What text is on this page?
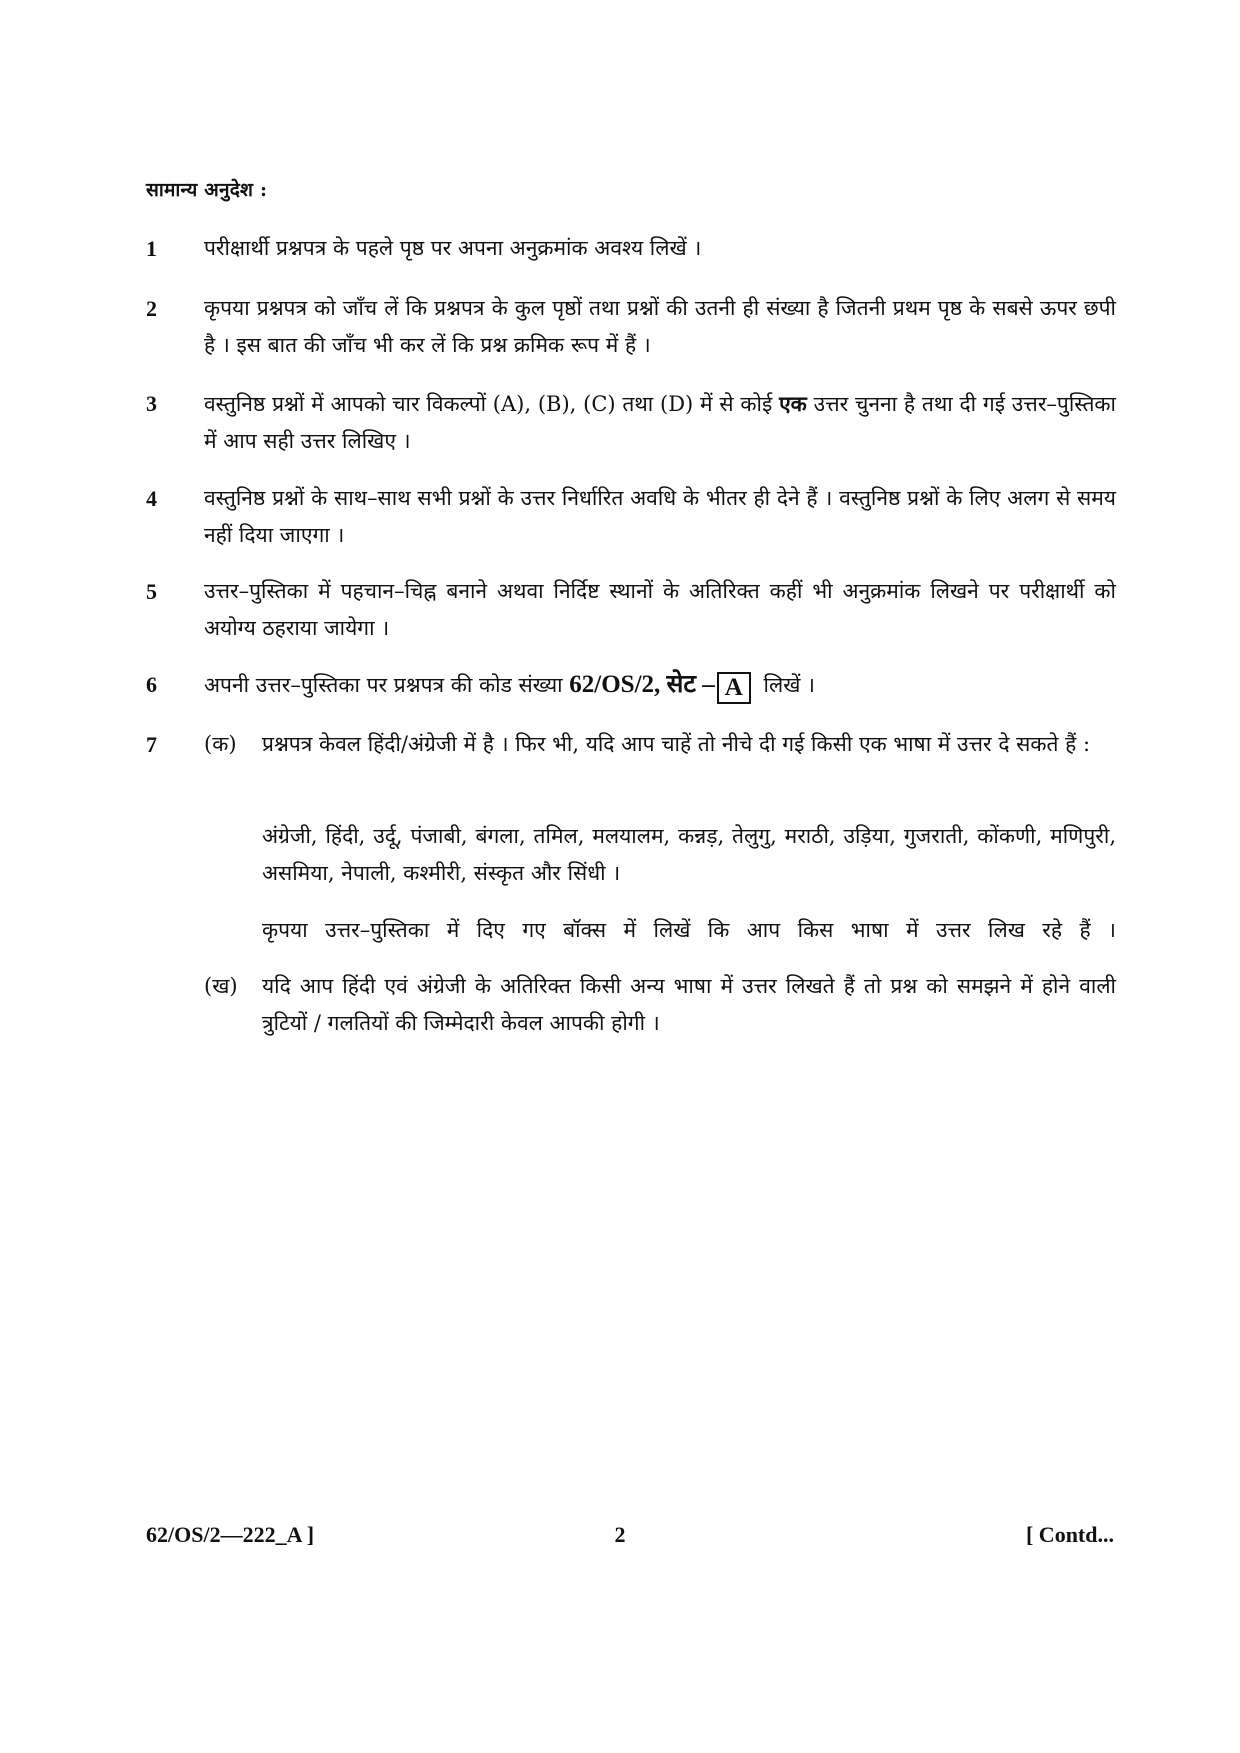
सामान्य अनुदेश :
1	परीक्षार्थी प्रश्नपत्र के पहले पृष्ठ पर अपना अनुक्रमांक अवश्य लिखें ।
2	कृपया प्रश्नपत्र को जाँच लें कि प्रश्नपत्र के कुल पृष्ठों तथा प्रश्नों की उतनी ही संख्या है जितनी प्रथम पृष्ठ के सबसे ऊपर छपी है । इस बात की जाँच भी कर लें कि प्रश्न क्रमिक रूप में हैं ।
3	वस्तुनिष्ठ प्रश्नों में आपको चार विकल्पों (A), (B), (C) तथा (D) में से कोई एक उत्तर चुनना है तथा दी गई उत्तर–पुस्तिका में आप सही उत्तर लिखिए ।
4	वस्तुनिष्ठ प्रश्नों के साथ–साथ सभी प्रश्नों के उत्तर निर्धारित अवधि के भीतर ही देने हैं । वस्तुनिष्ठ प्रश्नों के लिए अलग से समय नहीं दिया जाएगा ।
5	उत्तर–पुस्तिका में पहचान–चिह्न बनाने अथवा निर्दिष्ट स्थानों के अतिरिक्त कहीं भी अनुक्रमांक लिखने पर परीक्षार्थी को अयोग्य ठहराया जायेगा ।
6	अपनी उत्तर–पुस्तिका पर प्रश्नपत्र की कोड संख्या 62/OS/2, सेट – A लिखें ।
7	(क)	प्रश्नपत्र केवल हिंदी/अंग्रेजी में है । फिर भी, यदि आप चाहें तो नीचे दी गई किसी एक भाषा में उत्तर दे सकते हैं :
अंग्रेजी, हिंदी, उर्दू, पंजाबी, बंगला, तमिल, मलयालम, कन्नड़, तेलुगु, मराठी, उड़िया, गुजराती, कोंकणी, मणिपुरी, असमिया, नेपाली, कश्मीरी, संस्कृत और सिंधी ।
कृपया उत्तर–पुस्तिका में दिए गए बॉक्स में लिखें कि आप किस भाषा में उत्तर लिख रहे हैं ।
(ख)	यदि आप हिंदी एवं अंग्रेजी के अतिरिक्त किसी अन्य भाषा में उत्तर लिखते हैं तो प्रश्न को समझने में होने वाली त्रुटियों / गलतियों की जिम्मेदारी केवल आपकी होगी ।
62/OS/2—222_A ]	2	[ Contd...
